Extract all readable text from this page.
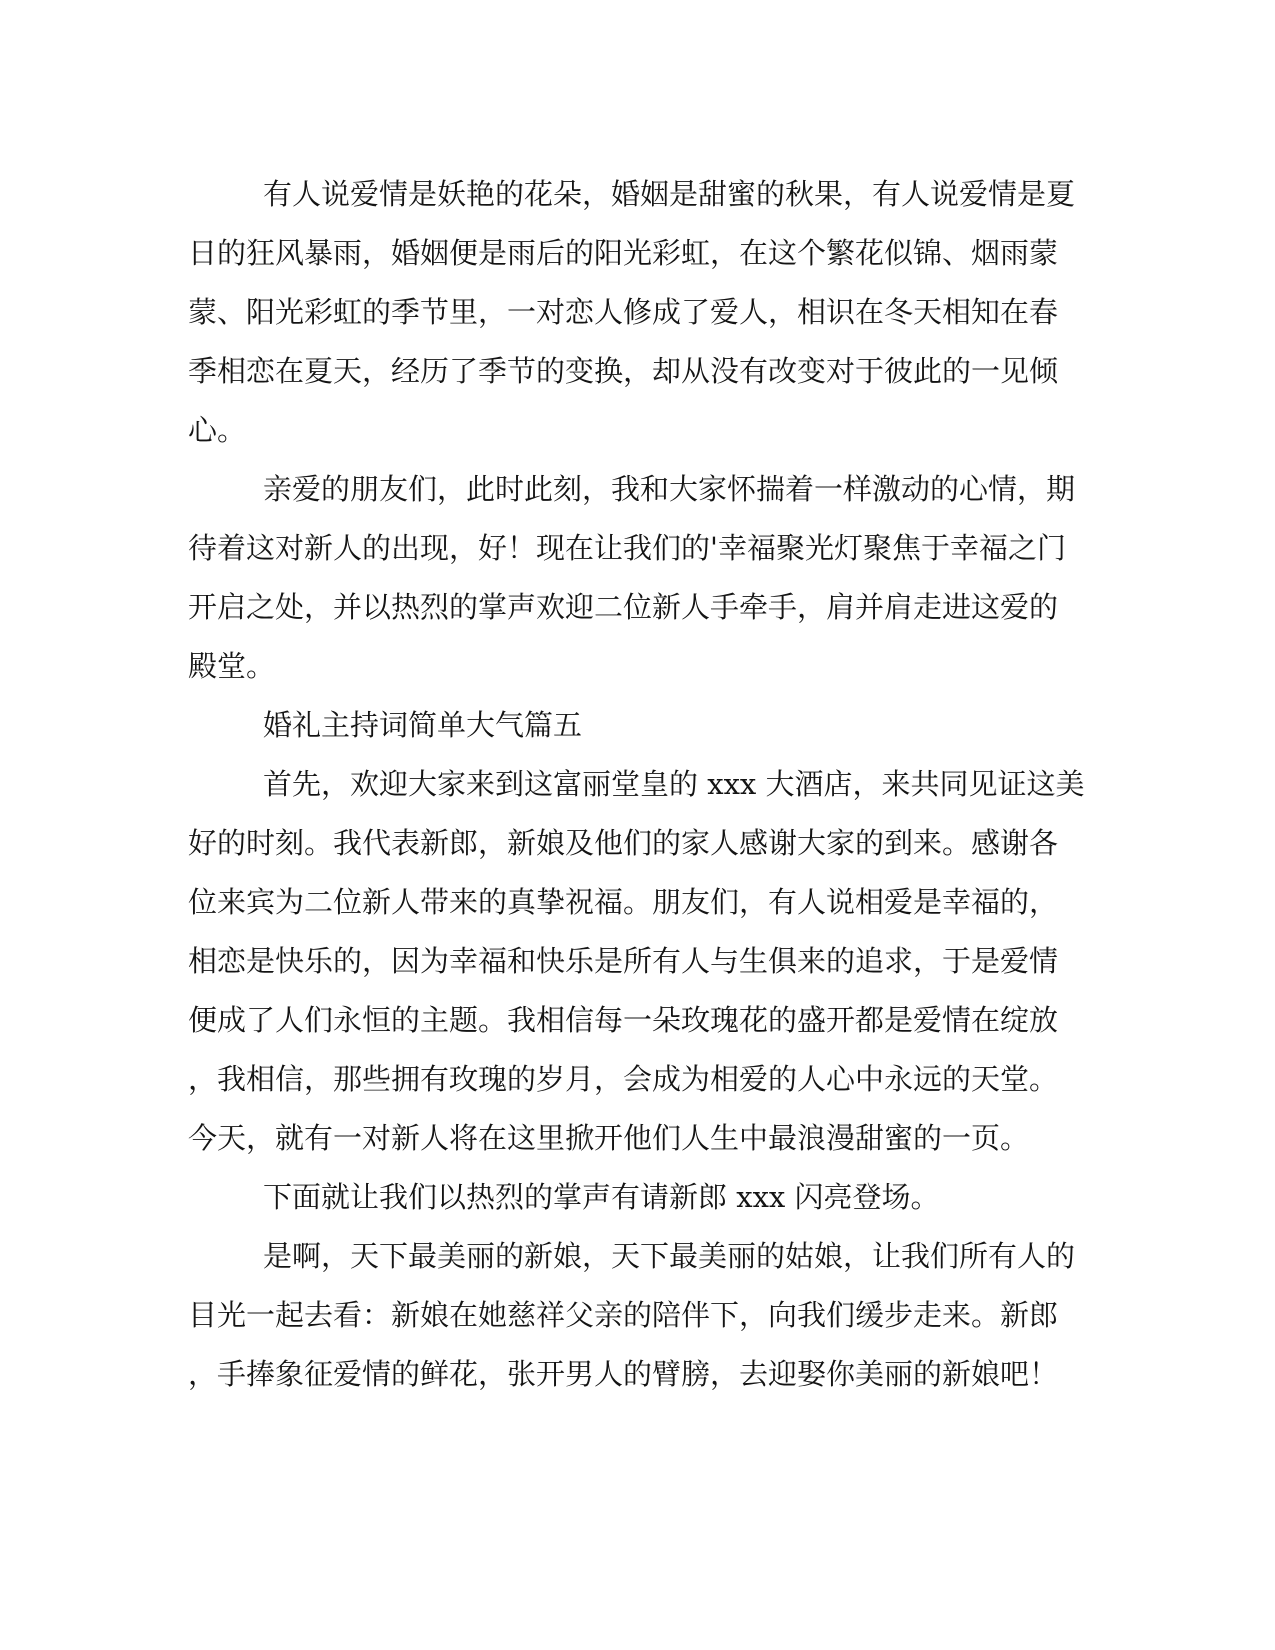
有人说爱情是妖艳的花朵，婚姻是甜蜜的秋果，有人说爱情是夏
日的狂风暴雨，婚姻便是雨后的阳光彩虹，在这个繁花似锦、烟雨蒙
蒙、阳光彩虹的季节里，一对恋人修成了爱人，相识在冬天相知在春
季相恋在夏天，经历了季节的变换，却从没有改变对于彼此的一见倾
心。
亲爱的朋友们，此时此刻，我和大家怀揣着一样激动的心情，期
待着这对新人的出现，好！现在让我们的'幸福聚光灯聚焦于幸福之门
开启之处，并以热烈的掌声欢迎二位新人手牵手，肩并肩走进这爱的
殿堂。
婚礼主持词简单大气篇五
首先，欢迎大家来到这富丽堂皇的 xxx 大酒店，来共同见证这美
好的时刻。我代表新郎，新娘及他们的家人感谢大家的到来。感谢各
位来宾为二位新人带来的真挚祝福。朋友们，有人说相爱是幸福的，
相恋是快乐的，因为幸福和快乐是所有人与生俱来的追求，于是爱情
便成了人们永恒的主题。我相信每一朵玫瑰花的盛开都是爱情在绽放
，我相信，那些拥有玫瑰的岁月，会成为相爱的人心中永远的天堂。
今天，就有一对新人将在这里掀开他们人生中最浪漫甜蜜的一页。
下面就让我们以热烈的掌声有请新郎 xxx 闪亮登场。
是啊，天下最美丽的新娘，天下最美丽的姑娘，让我们所有人的
目光一起去看：新娘在她慈祥父亲的陪伴下，向我们缓步走来。新郎
，手捧象征爱情的鲜花，张开男人的臂膀，去迎娶你美丽的新娘吧！
